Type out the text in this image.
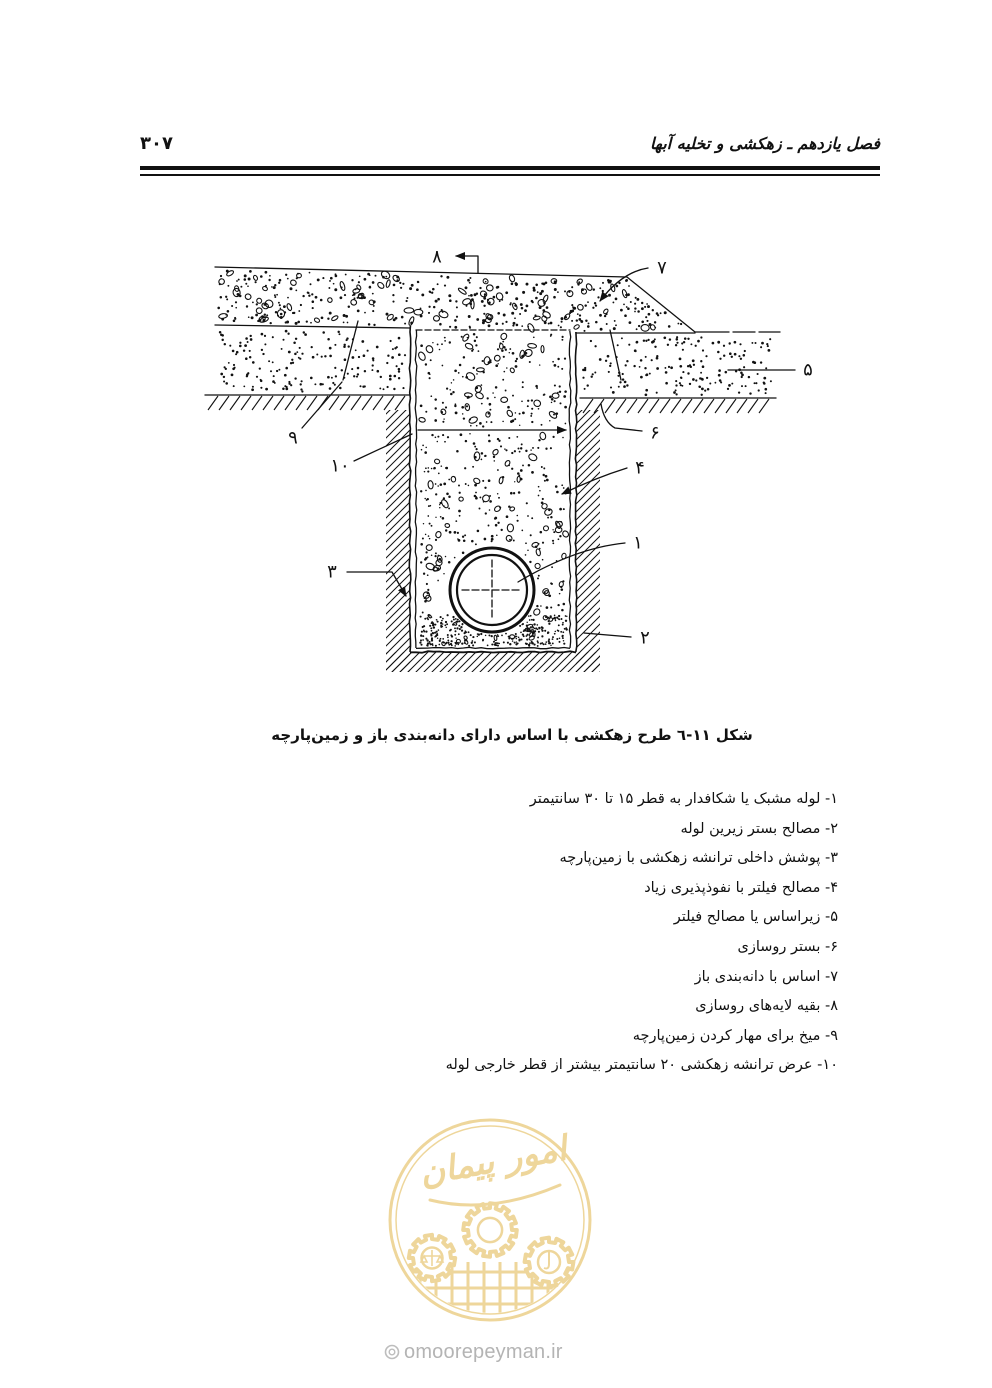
فصل یازدهم ـ زهکشی و تخلیه آبها
۳۰۷
۸
۷
۵
۶
۹
۱۰	۴
۱
۳
۲
شکل ۱۱-٦ طرح زهکشی با اساس دارای دانه‌بندی باز و زمین‌پارچه
۱- لوله مشبک یا شکافدار به قطر ۱۵ تا ۳۰ سانتیمتر
۲- مصالح بستر زیرین لوله
۳- پوشش داخلی ترانشه زهکشی با زمین‌پارچه
۴- مصالح فیلتر با نفوذپذیری زیاد
۵- زیراساس یا مصالح فیلتر
۶- بستر روسازی
۷- اساس با دانه‌بندی باز
۸- بقیه لایه‌های روسازی
۹- میخ برای مهار کردن زمین‌پارچه
۱۰- عرض ترانشه زهکشی ۲۰ سانتیمتر بیشتر از قطر خارجی لوله
امور پیمان
omoorepeyman.ir
